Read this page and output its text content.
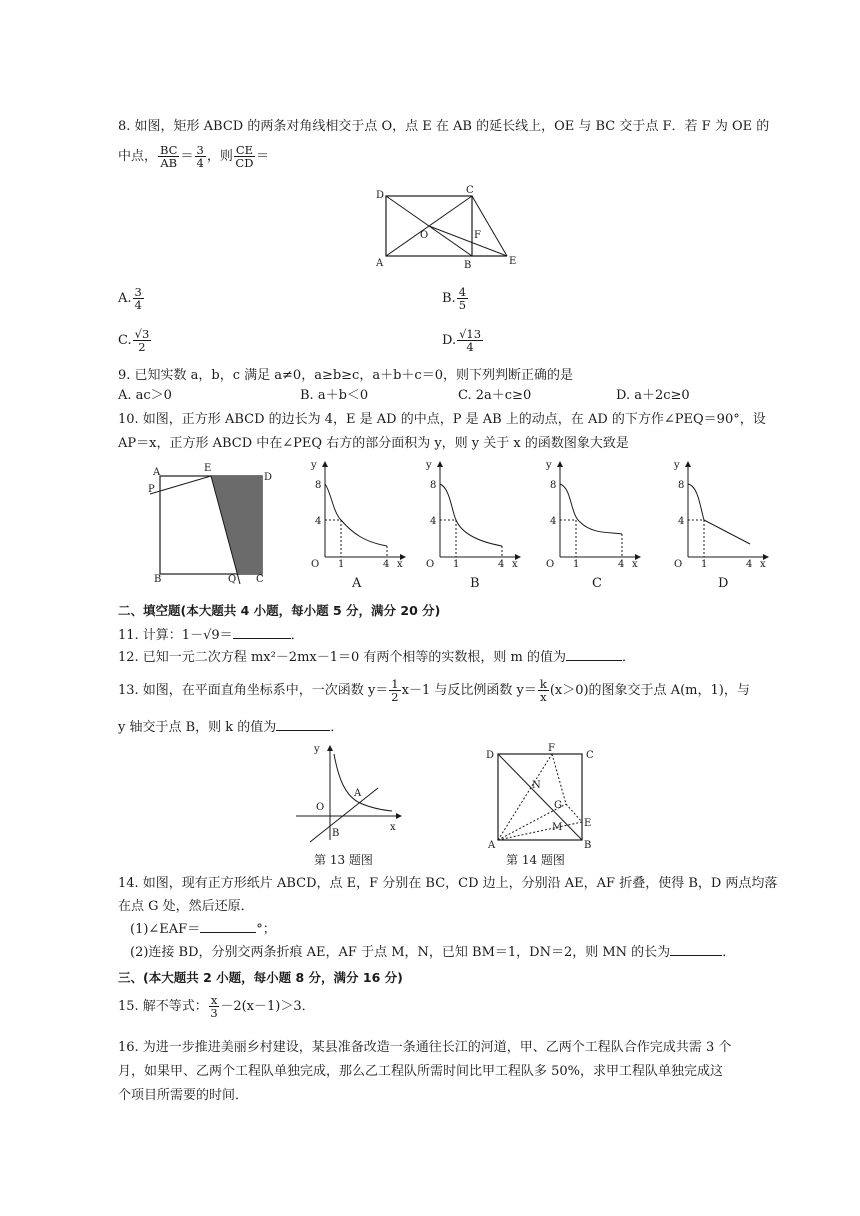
8. 如图，矩形 ABCD 的两条对角线相交于点 O，点 E 在 AB 的延长线上，OE 与 BC 交于点 F．若 F 为 OE 的
中点， $\frac{BC}{AB} = \frac{3}{4}$ ，则 $\frac{CE}{CD}$ ＝
D	C
O	F
A	B	E
A. $\frac{3}{4}$	B. $\frac{4}{5}$
C. $\frac{√3}{2}$	D. $\frac{√13}{4}$
9. 已知实数 a，b，c 满足 a≠0，a≥b≥c，a＋b＋c＝0，则下列判断正确的是
A. ac＞0	B. a＋b＜0	C. 2a＋c≥0	D. a＋2c≥0
10. 如图，正方形 ABCD 的边长为 4，E 是 AD 的中点，P 是 AB 上的动点，在 AD 的下方作∠PEQ＝90°，设
AP＝x，正方形 ABCD 中在∠PEQ 右方的部分面积为 y，则 y 关于 x 的函数图象大致是
A	E
D
P
B	Q C
y
8
4
O 1	4 x
A
y
8
4
O 1	4 x
B
y
8
4
O 1	4 x
C
y
8
4
O 1	4 x
D
二、填空题(本大题共 4 小题，每小题 5 分，满分 20 分)
11. 计算：1－√9＝	．
12. 已知一元二次方程 mx²－2mx－1＝0 有两个相等的实数根，则 m 的值为	．
13. 如图，在平面直角坐标系中，一次函数 $y= \frac{1}{2} x-1$ 与反比例函数 $y= \frac{k}{x} (x>0)$的图象交于点 A(m，1)，与
y 轴交于点 B，则 k 的值为	．
y
x
O
A
B
第 13 题图
D
F
C
N
G
E
M
A	B
第 14 题图
14. 如图，现有正方形纸片 ABCD，点 E，F 分别在 BC，CD 边上，分别沿 AE，AF 折叠，使得 B，D 两点均落
在点 G 处，然后还原．
(1)∠EAF＝	°；
(2)连接 BD，分别交两条折痕 AE，AF 于点 M，N，已知 BM＝1，DN＝2，则 MN 的长为	．
三、(本大题共 2 小题，每小题 8 分，满分 16 分)
15. 解不等式： $\frac{x}{3} -2(x-1)>3$．
16. 为进一步推进美丽乡村建设，某县准备改造一条通往长江的河道，甲、乙两个工程队合作完成共需 3 个
月，如果甲、乙两个工程队单独完成，那么乙工程队所需时间比甲工程队多 50%，求甲工程队单独完成这
个项目所需要的时间．
